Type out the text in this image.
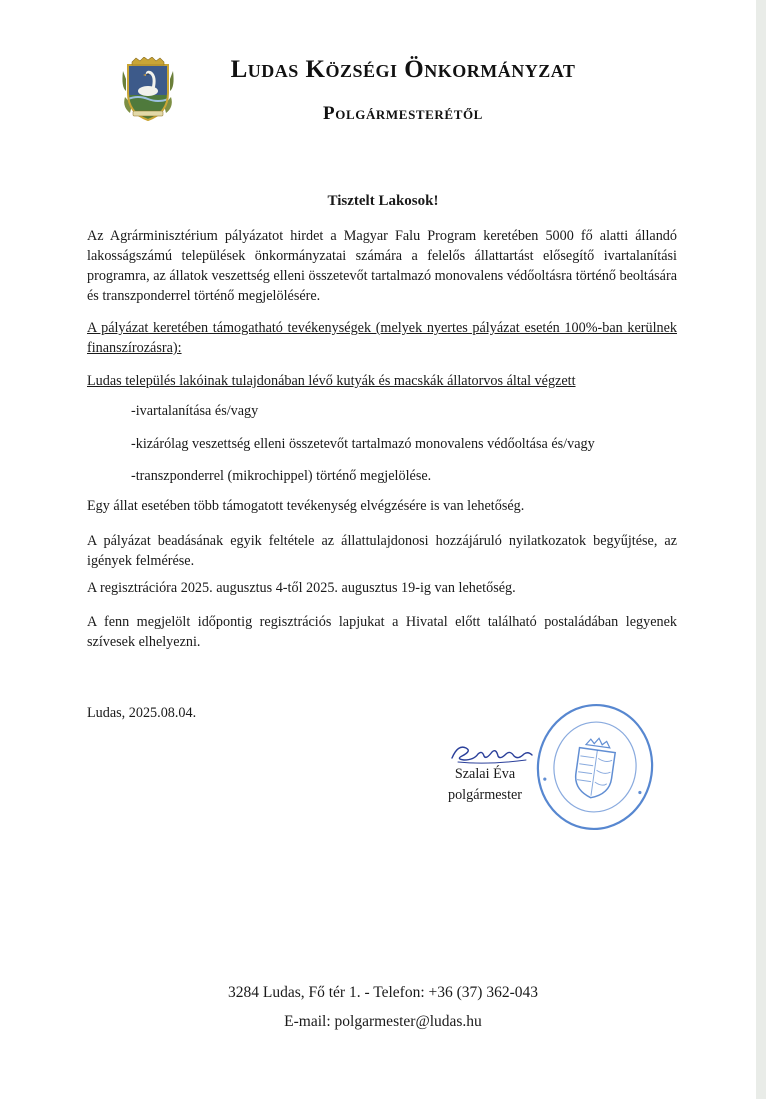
Ludas Községi Önkormányzat
Polgármesterétől

Tisztelt Lakosok!

Az Agrárminisztérium pályázatot hirdet a Magyar Falu Program keretében 5000 fő alatti állandó lakosságszámú települések önkormányzatai számára a felelős állattartást elősegítő ivartalanítási programra, az állatok veszettség elleni összetevőt tartalmazó monovalens védőoltásra történő beoltására és transzponderrel történő megjelölésére.

A pályázat keretében támogatható tevékenységek (melyek nyertes pályázat esetén 100%-ban kerülnek finanszírozásra):

Ludas település lakóinak tulajdonában lévő kutyák és macskák állatorvos által végzett

-ivartalanítása és/vagy

-kizárólag veszettség elleni összetevőt tartalmazó monovalens védőoltása és/vagy

-transzponderrel (mikrochippel) történő megjelölése.

Egy állat esetében több támogatott tevékenység elvégzésére is van lehetőség.

A pályázat beadásának egyik feltétele az állattulajdonosi hozzájáruló nyilatkozatok begyűjtése, az igények felmérése.

A regisztrációra 2025. augusztus 4-től 2025. augusztus 19-ig van lehetőség.

A fenn megjelölt időpontig regisztrációs lapjukat a Hivatal előtt található postaládában legyenek szívesek elhelyezni.

Ludas, 2025.08.04.

Szalai Éva

polgármester

3284 Ludas, Fő tér 1. - Telefon: +36 (37) 362-043

E-mail: polgarmester@ludas.hu
